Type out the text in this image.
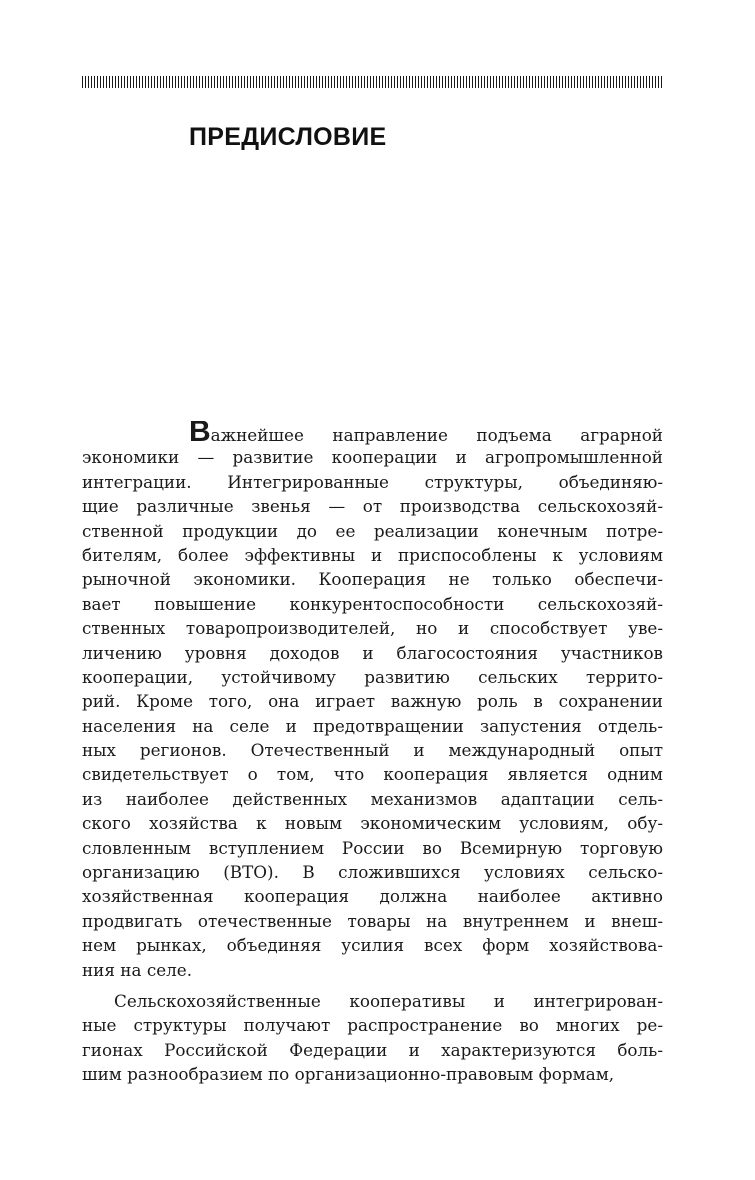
ПРЕДИСЛОВИЕ
Важнейшее направление подъема аграрной
экономики — развитие кооперации и агропромышленной
интеграции. Интегрированные структуры, объединяю-
щие различные звенья — от производства сельскохозяй-
ственной продукции до ее реализации конечным потре-
бителям, более эффективны и приспособлены к условиям
рыночной экономики. Кооперация не только обеспечи-
вает повышение конкурентоспособности сельскохозяй-
ственных товаропроизводителей, но и способствует уве-
личению уровня доходов и благосостояния участников
кооперации, устойчивому развитию сельских террито-
рий. Кроме того, она играет важную роль в сохранении
населения на селе и предотвращении запустения отдель-
ных регионов. Отечественный и международный опыт
свидетельствует о том, что кооперация является одним
из наиболее действенных механизмов адаптации сель-
ского хозяйства к новым экономическим условиям, обу-
словленным вступлением России во Всемирную торговую
организацию (ВТО). В сложившихся условиях сельско-
хозяйственная кооперация должна наиболее активно
продвигать отечественные товары на внутреннем и внеш-
нем рынках, объединяя усилия всех форм хозяйствова-
ния на селе.
Сельскохозяйственные кооперативы и интегрирован-
ные структуры получают распространение во многих ре-
гионах Российской Федерации и характеризуются боль-
шим разнообразием по организационно-правовым формам,
